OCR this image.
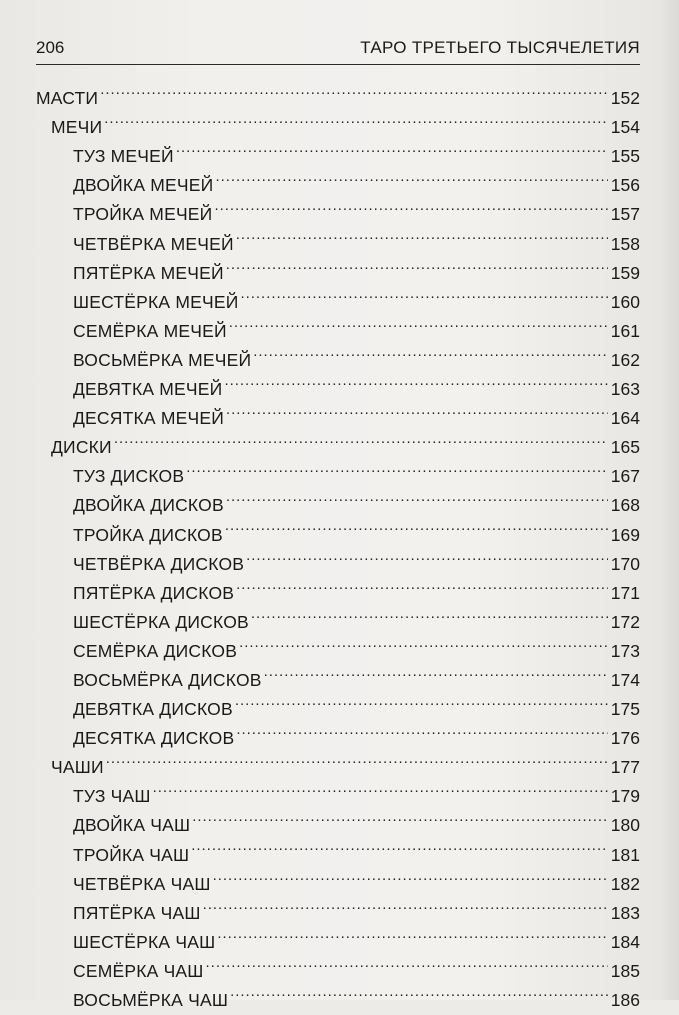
206	ТАРО ТРЕТЬЕГО ТЫСЯЧЕЛЕТИЯ
МАСТИ . . .	152
МЕЧИ . . .	154
ТУЗ МЕЧЕЙ . . .	155
ДВОЙКА МЕЧЕЙ . . .	156
ТРОЙКА МЕЧЕЙ . . .	157
ЧЕТВЁРКА МЕЧЕЙ . . .	158
ПЯТЁРКА МЕЧЕЙ . . .	159
ШЕСТЁРКА МЕЧЕЙ . . .	160
СЕМЁРКА МЕЧЕЙ . . .	161
ВОСЬМЁРКА МЕЧЕЙ . . .	162
ДЕВЯТКА МЕЧЕЙ . . .	163
ДЕСЯТКА МЕЧЕЙ . . .	164
ДИСКИ . . .	165
ТУЗ ДИСКОВ . . .	167
ДВОЙКА ДИСКОВ . . .	168
ТРОЙКА ДИСКОВ . . .	169
ЧЕТВЁРКА ДИСКОВ . . .	170
ПЯТЁРКА ДИСКОВ . . .	171
ШЕСТЁРКА ДИСКОВ . . .	172
СЕМЁРКА ДИСКОВ . . .	173
ВОСЬМЁРКА ДИСКОВ . . .	174
ДЕВЯТКА ДИСКОВ . . .	175
ДЕСЯТКА ДИСКОВ . . .	176
ЧАШИ . . .	177
ТУЗ ЧАШ . . .	179
ДВОЙКА ЧАШ . . .	180
ТРОЙКА ЧАШ . . .	181
ЧЕТВЁРКА ЧАШ . . .	182
ПЯТЁРКА ЧАШ . . .	183
ШЕСТЁРКА ЧАШ . . .	184
СЕМЁРКА ЧАШ . . .	185
ВОСЬМЁРКА ЧАШ . . .	186
